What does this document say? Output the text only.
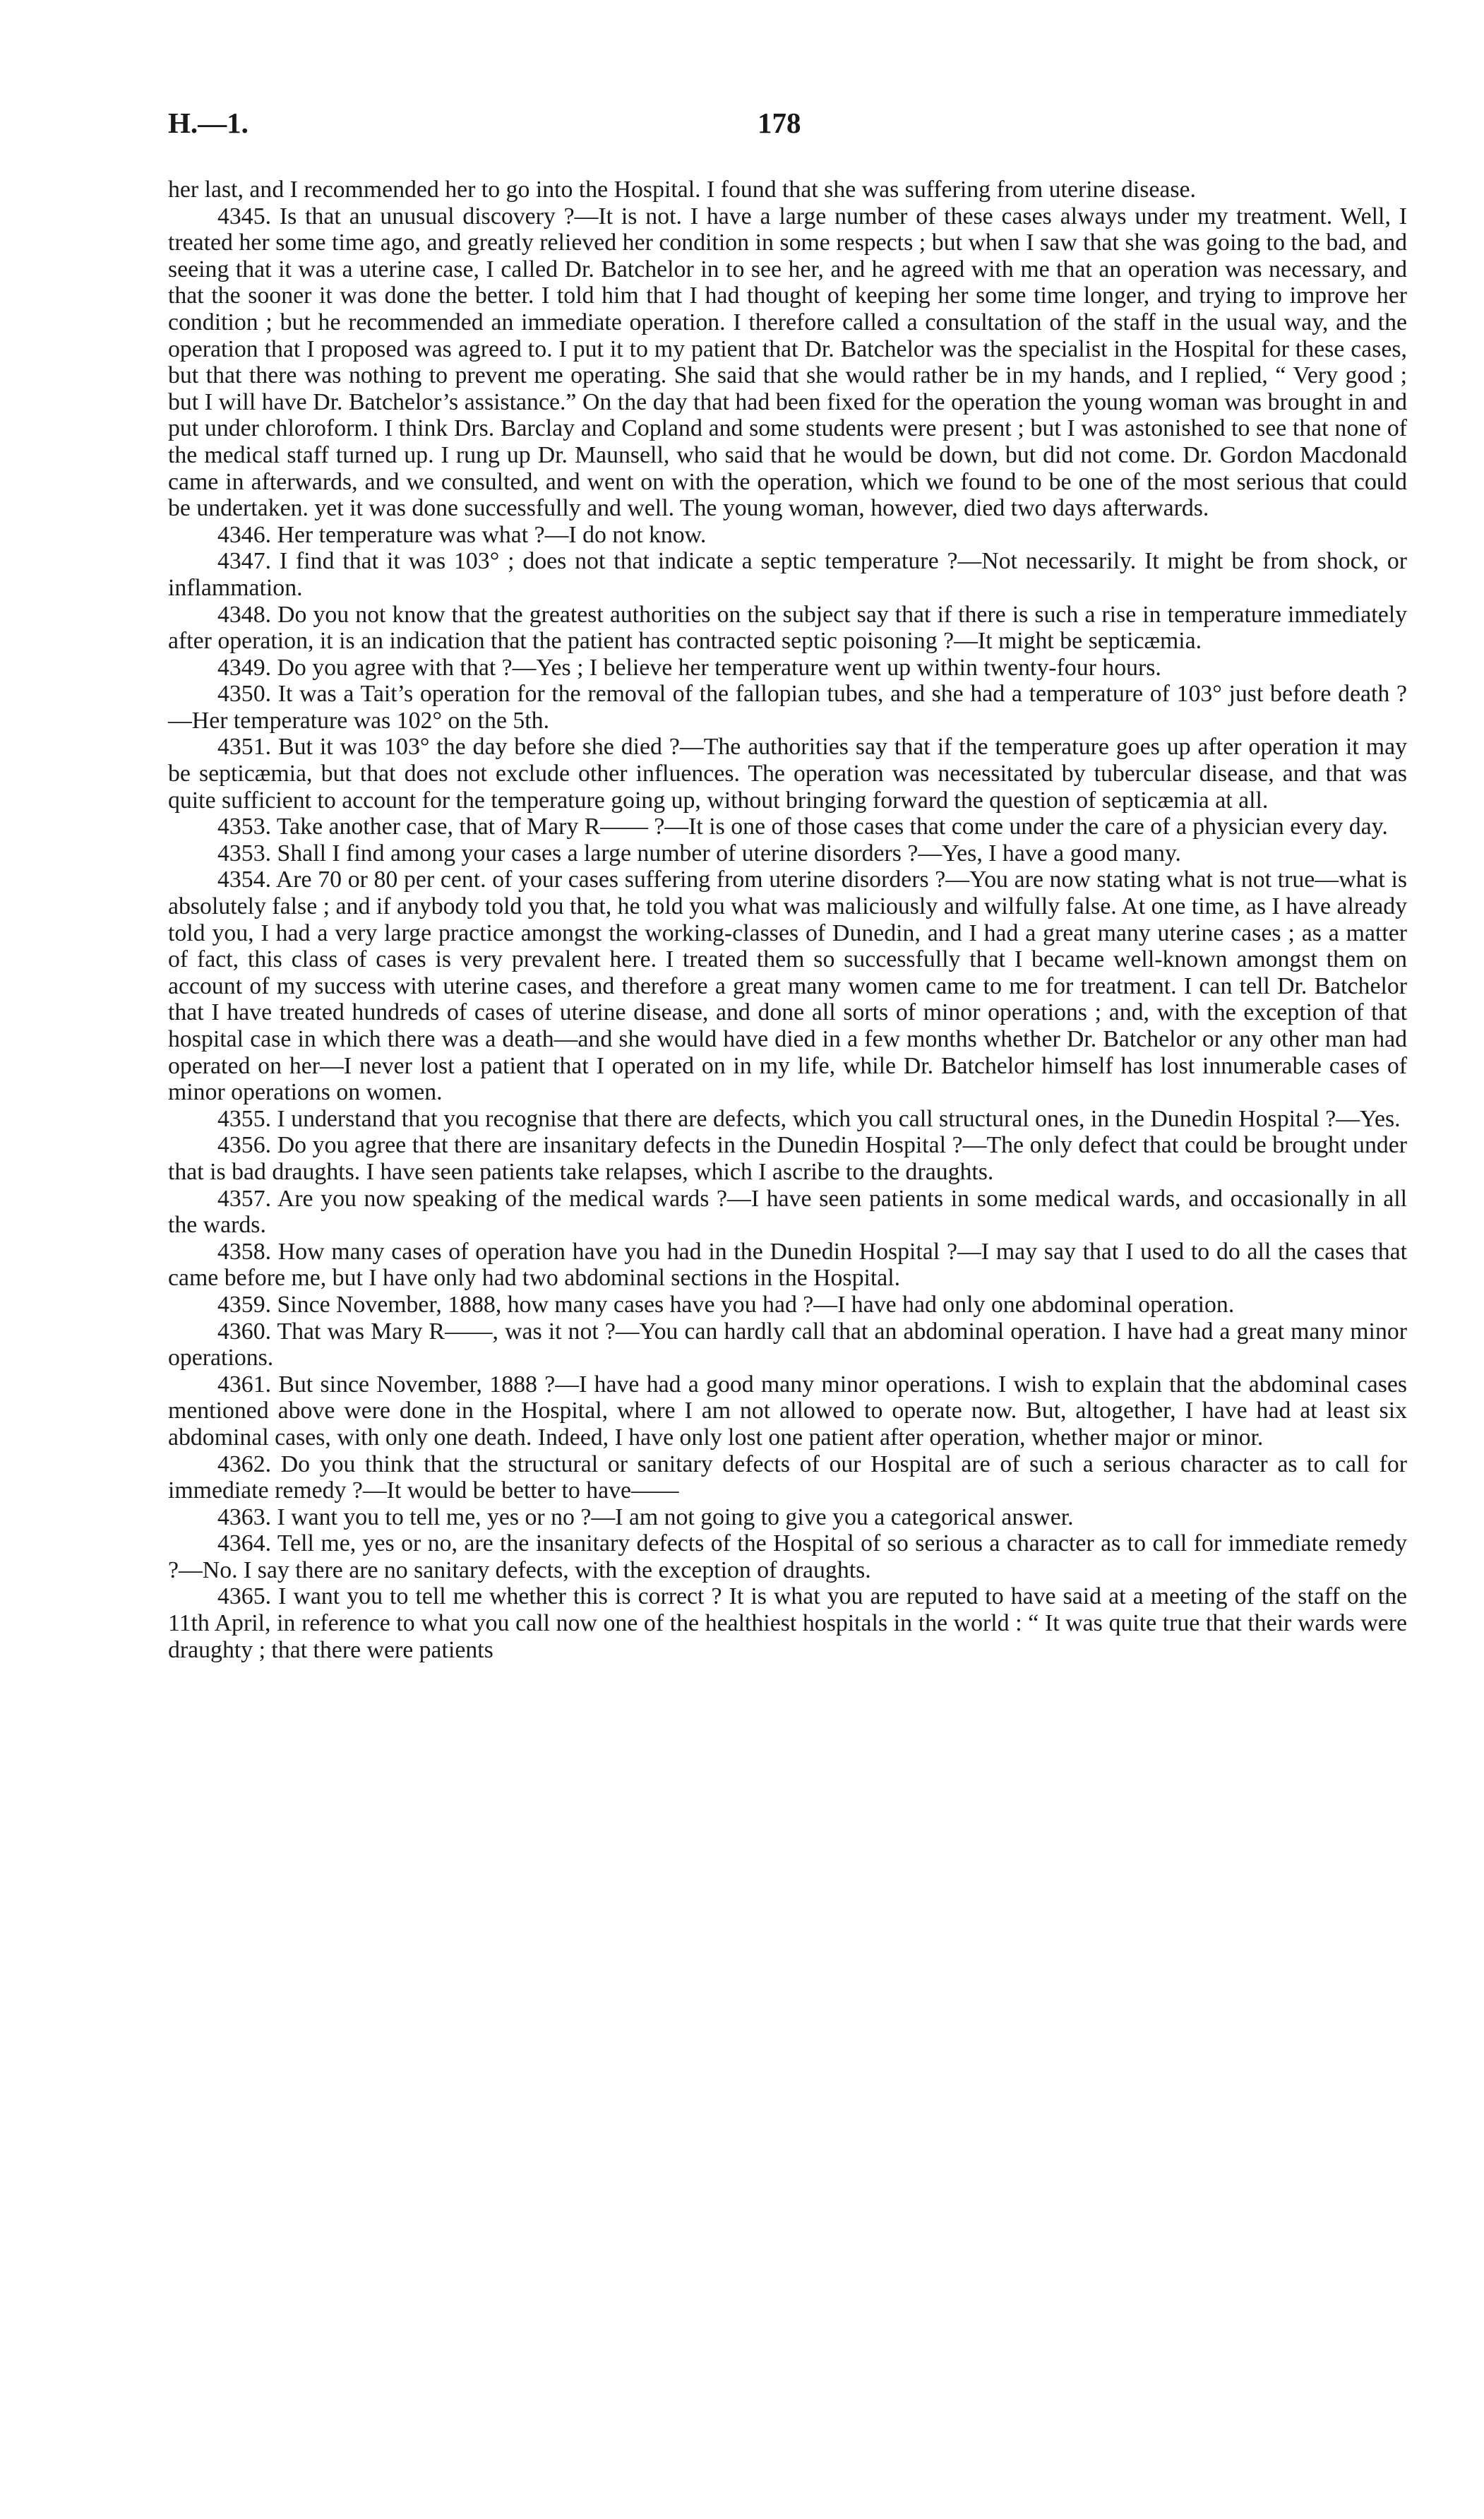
H.—1.	178

her last, and I recommended her to go into the Hospital. I found that she was suffering from uterine disease.

4345. Is that an unusual discovery ?—It is not. I have a large number of these cases always under my treatment. Well, I treated her some time ago, and greatly relieved her condition in some respects ; but when I saw that she was going to the bad, and seeing that it was a uterine case, I called Dr. Batchelor in to see her, and he agreed with me that an operation was necessary, and that the sooner it was done the better. I told him that I had thought of keeping her some time longer, and trying to improve her condition ; but he recommended an immediate operation. I therefore called a consultation of the staff in the usual way, and the operation that I proposed was agreed to. I put it to my patient that Dr. Batchelor was the specialist in the Hospital for these cases, but that there was nothing to prevent me operating. She said that she would rather be in my hands, and I replied, “ Very good ; but I will have Dr. Batchelor’s assistance.” On the day that had been fixed for the operation the young woman was brought in and put under chloroform. I think Drs. Barclay and Copland and some students were present ; but I was astonished to see that none of the medical staff turned up. I rung up Dr. Maunsell, who said that he would be down, but did not come. Dr. Gordon Macdonald came in afterwards, and we consulted, and went on with the operation, which we found to be one of the most serious that could be undertaken. yet it was done successfully and well. The young woman, however, died two days afterwards.

4346. Her temperature was what ?—I do not know.

4347. I find that it was 103° ; does not that indicate a septic temperature ?—Not necessarily. It might be from shock, or inflammation.

4348. Do you not know that the greatest authorities on the subject say that if there is such a rise in temperature immediately after operation, it is an indication that the patient has contracted septic poisoning ?—It might be septicæmia.

4349. Do you agree with that ?—Yes ; I believe her temperature went up within twenty-four hours.

4350. It was a Tait’s operation for the removal of the fallopian tubes, and she had a temperature of 103° just before death ?—Her temperature was 102° on the 5th.

4351. But it was 103° the day before she died ?—The authorities say that if the temperature goes up after operation it may be septicæmia, but that does not exclude other influences. The operation was necessitated by tubercular disease, and that was quite sufficient to account for the temperature going up, without bringing forward the question of septicæmia at all.

4353. Take another case, that of Mary R—— ?—It is one of those cases that come under the care of a physician every day.

4353. Shall I find among your cases a large number of uterine disorders ?—Yes, I have a good many.

4354. Are 70 or 80 per cent. of your cases suffering from uterine disorders ?—You are now stating what is not true—what is absolutely false ; and if anybody told you that, he told you what was maliciously and wilfully false. At one time, as I have already told you, I had a very large practice amongst the working-classes of Dunedin, and I had a great many uterine cases ; as a matter of fact, this class of cases is very prevalent here. I treated them so successfully that I became well-known amongst them on account of my success with uterine cases, and therefore a great many women came to me for treatment. I can tell Dr. Batchelor that I have treated hundreds of cases of uterine disease, and done all sorts of minor operations ; and, with the exception of that hospital case in which there was a death—and she would have died in a few months whether Dr. Batchelor or any other man had operated on her—I never lost a patient that I operated on in my life, while Dr. Batchelor himself has lost innumerable cases of minor operations on women.

4355. I understand that you recognise that there are defects, which you call structural ones, in the Dunedin Hospital ?—Yes.

4356. Do you agree that there are insanitary defects in the Dunedin Hospital ?—The only defect that could be brought under that is bad draughts. I have seen patients take relapses, which I ascribe to the draughts.

4357. Are you now speaking of the medical wards ?—I have seen patients in some medical wards, and occasionally in all the wards.

4358. How many cases of operation have you had in the Dunedin Hospital ?—I may say that I used to do all the cases that came before me, but I have only had two abdominal sections in the Hospital.

4359. Since November, 1888, how many cases have you had ?—I have had only one abdominal operation.

4360. That was Mary R——, was it not ?—You can hardly call that an abdominal operation. I have had a great many minor operations.

4361. But since November, 1888 ?—I have had a good many minor operations. I wish to explain that the abdominal cases mentioned above were done in the Hospital, where I am not allowed to operate now. But, altogether, I have had at least six abdominal cases, with only one death. Indeed, I have only lost one patient after operation, whether major or minor.

4362. Do you think that the structural or sanitary defects of our Hospital are of such a serious character as to call for immediate remedy ?—It would be better to have——

4363. I want you to tell me, yes or no ?—I am not going to give you a categorical answer.

4364. Tell me, yes or no, are the insanitary defects of the Hospital of so serious a character as to call for immediate remedy ?—No. I say there are no sanitary defects, with the exception of draughts.

4365. I want you to tell me whether this is correct ? It is what you are reputed to have said at a meeting of the staff on the 11th April, in reference to what you call now one of the healthiest hospitals in the world : “ It was quite true that their wards were draughty ; that there were patients
